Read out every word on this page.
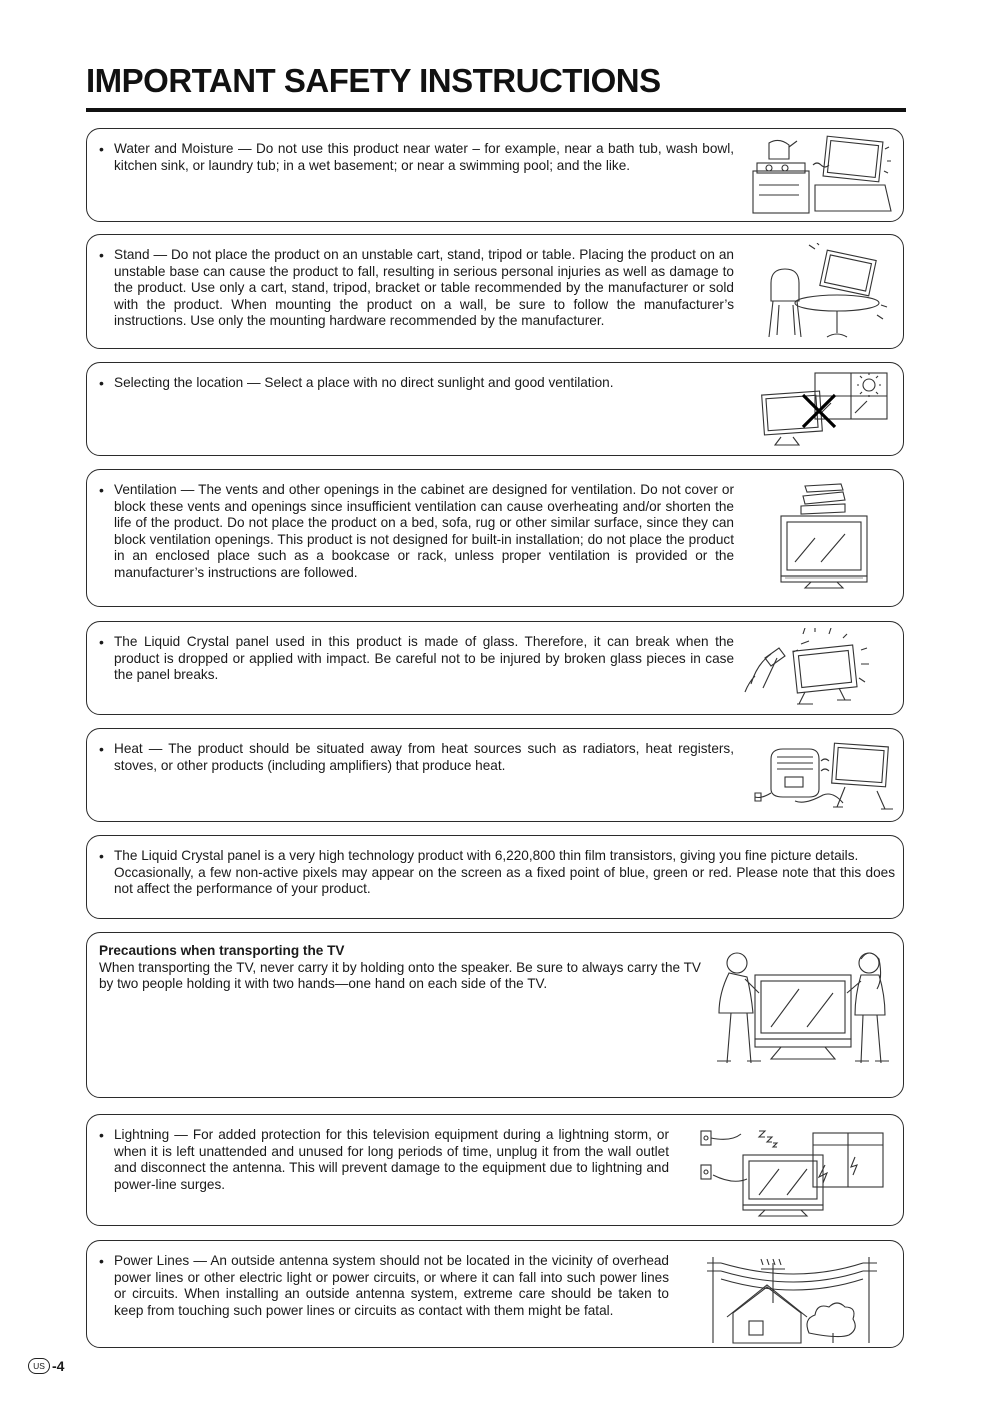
IMPORTANT SAFETY INSTRUCTIONS
• Water and Moisture — Do not use this product near water – for example, near a bath tub, wash bowl, kitchen sink, or laundry tub; in a wet basement; or near a swimming pool; and the like.
• Stand — Do not place the product on an unstable cart, stand, tripod or table. Placing the product on an unstable base can cause the product to fall, resulting in serious personal injuries as well as damage to the product. Use only a cart, stand, tripod, bracket or table recommended by the manufacturer or sold with the product. When mounting the product on a wall, be sure to follow the manufacturer’s instructions. Use only the mounting hardware recommended by the manufacturer.
• Selecting the location — Select a place with no direct sunlight and good ventilation.
• Ventilation — The vents and other openings in the cabinet are designed for ventilation. Do not cover or block these vents and openings since insufficient ventilation can cause overheating and/or shorten the life of the product. Do not place the product on a bed, sofa, rug or other similar surface, since they can block ventilation openings. This product is not designed for built-in installation; do not place the product in an enclosed place such as a bookcase or rack, unless proper ventilation is provided or the manufacturer’s instructions are followed.
• The Liquid Crystal panel used in this product is made of glass. Therefore, it can break when the product is dropped or applied with impact. Be careful not to be injured by broken glass pieces in case the panel breaks.
• Heat — The product should be situated away from heat sources such as radiators, heat registers, stoves, or other products (including amplifiers) that produce heat.

• The Liquid Crystal panel is a very high technology product with 6,220,800 thin film transistors, giving you fine picture details.

Occasionally, a few non-active pixels may appear on the screen as a fixed point of blue, green or red. Please note that this does not affect the performance of your product.

Precautions when transporting the TV
When transporting the TV, never carry it by holding onto the speaker. Be sure to always carry the TV by two people holding it with two hands—one hand on each side of the TV.
• Lightning — For added protection for this television equipment during a lightning storm, or when it is left unattended and unused for long periods of time, unplug it from the wall outlet and disconnect the antenna. This will prevent damage to the equipment due to lightning and power-line surges.
• Power Lines — An outside antenna system should not be located in the vicinity of overhead power lines or other electric light or power circuits, or where it can fall into such power lines or circuits. When installing an outside antenna system, extreme care should be taken to keep from touching such power lines or circuits as contact with them might be fatal.
US -4
